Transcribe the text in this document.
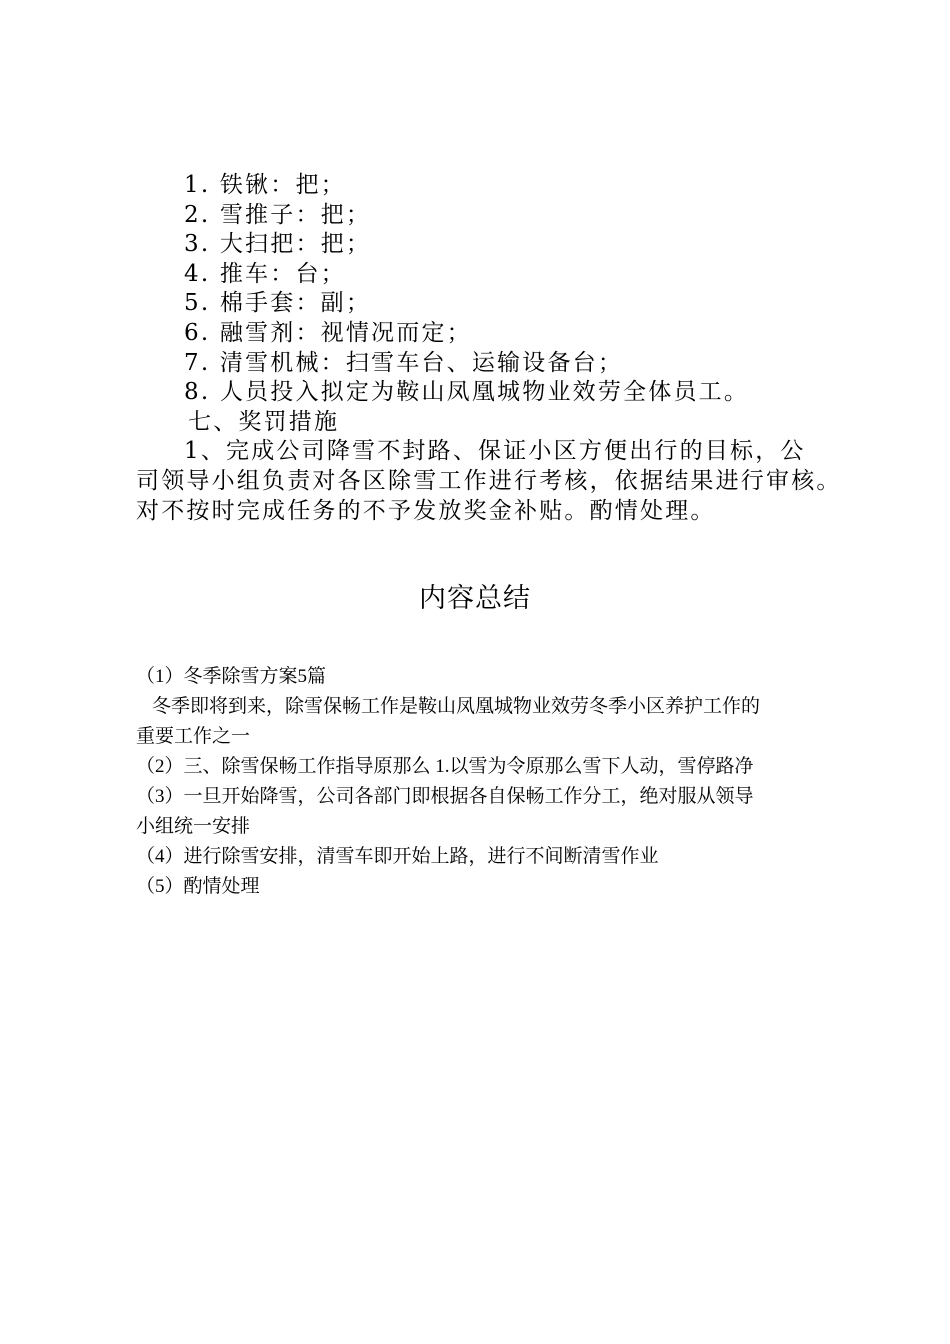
1. 铁锹：把；
2. 雪推子：把；
3. 大扫把：把；
4. 推车：台；
5. 棉手套：副；
6. 融雪剂：视情况而定；
7. 清雪机械：扫雪车台、运输设备台；
8. 人员投入拟定为鞍山凤凰城物业效劳全体员工。
七、奖罚措施
1、完成公司降雪不封路、保证小区方便出行的目标，公
司领导小组负责对各区除雪工作进行考核，依据结果进行审核。
对不按时完成任务的不予发放奖金补贴。酌情处理。
内容总结
（1）冬季除雪方案5篇
冬季即将到来，除雪保畅工作是鞍山凤凰城物业效劳冬季小区养护工作的
重要工作之一
（2）三、除雪保畅工作指导原那么 1.以雪为令原那么雪下人动，雪停路净
（3）一旦开始降雪，公司各部门即根据各自保畅工作分工，绝对服从领导
小组统一安排
（4）进行除雪安排，清雪车即开始上路，进行不间断清雪作业
（5）酌情处理
